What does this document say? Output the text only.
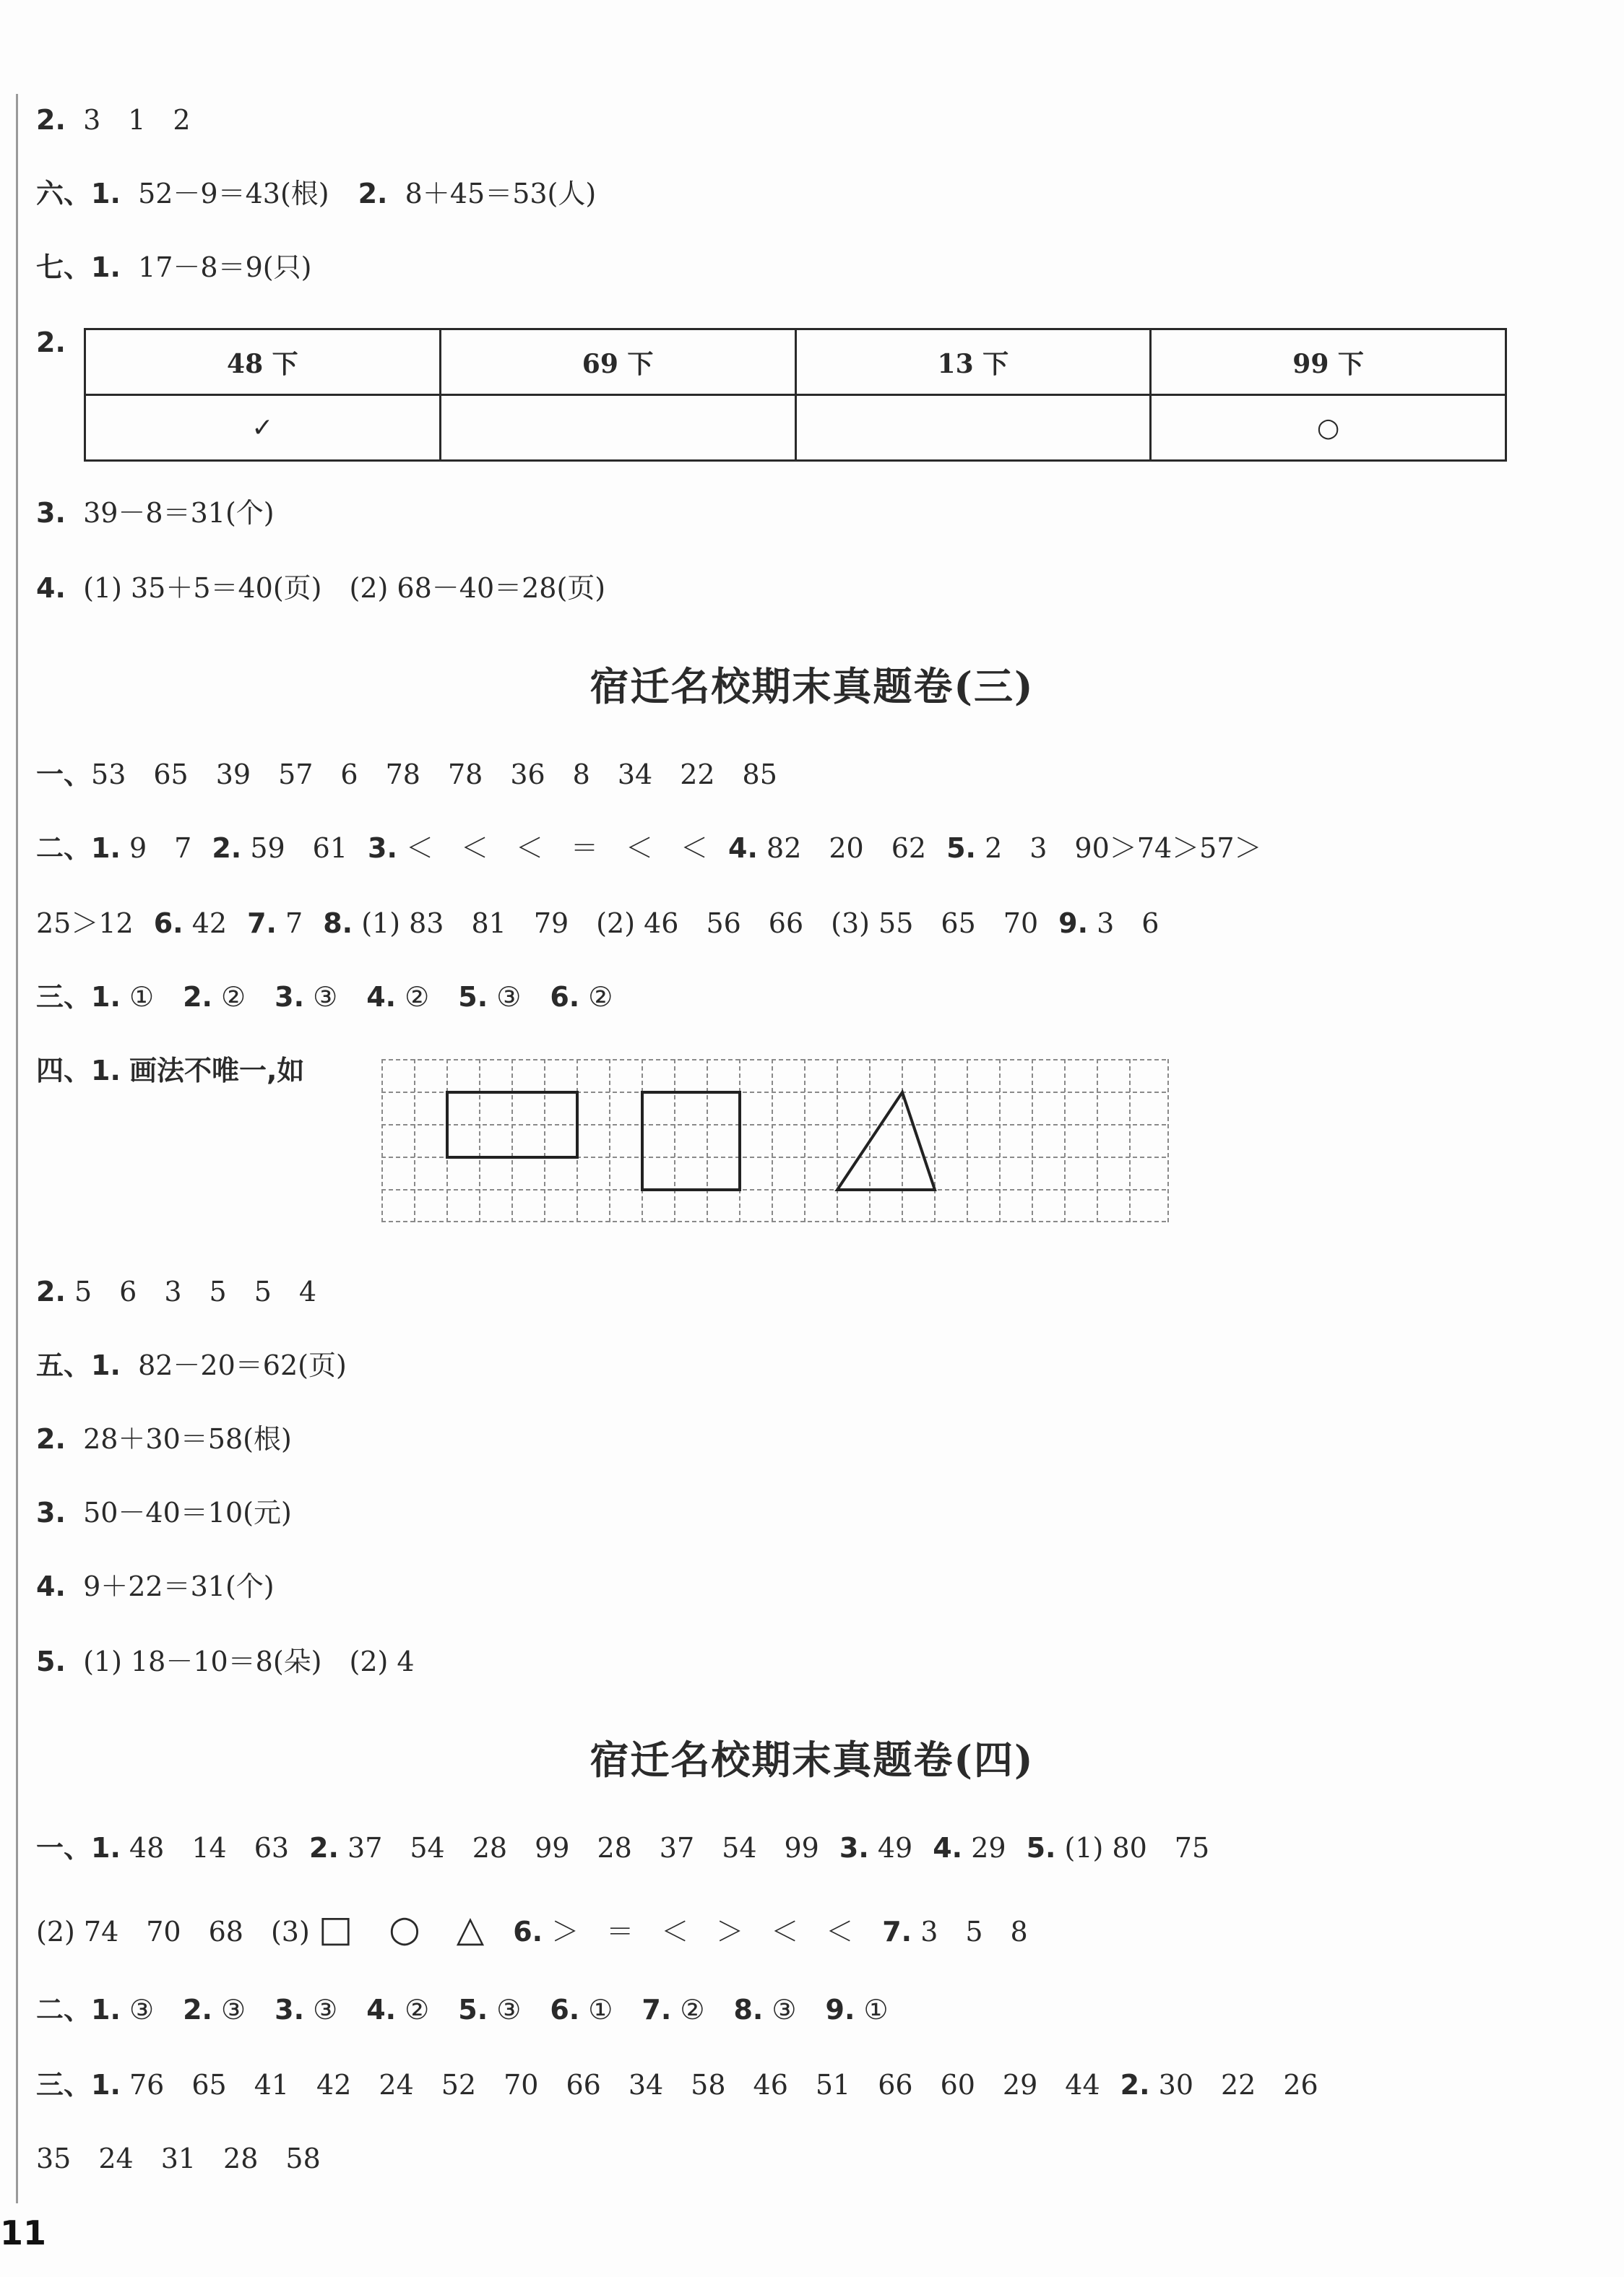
2. 3　1　2
六、1. 52－9＝43(根) 2. 8＋45＝53(人)
七、1. 17－8＝9(只)
2.
48 下	69 下	13 下	99 下
✓			○
3. 39－8＝31(个)
4. (1) 35＋5＝40(页)　(2) 68－40＝28(页)
宿迁名校期末真题卷(三)
一、53　65　39　57　6　78　78　36　8　34　22　85
二、1. 9　7 2. 59　61 3. ＜　＜　＜　＝　＜　＜ 4. 82　20　62 5. 2　3　90＞74＞57＞
25＞12 6. 42 7. 7 8. (1) 83　81　79　(2) 46　56　66　(3) 55　65　70 9. 3　6
三、1. ① 2. ② 3. ③ 4. ② 5. ③ 6. ②
四、1. 画法不唯一,如
2. 5　6　3　5　5　4
五、1. 82－20＝62(页)
2. 28＋30＝58(根)
3. 50－40＝10(元)
4. 9＋22＝31(个)
5. (1) 18－10＝8(朵)　(2) 4
宿迁名校期末真题卷(四)
一、1. 48　14　63 2. 37　54　28　99　28　37　54　99 3. 49 4. 29 5. (1) 80　75
(2) 74　70　68　(3) □　○　△ 6. ＞　＝　＜　＞　＜　＜ 7. 3　5　8
二、1. ③ 2. ③ 3. ③ 4. ② 5. ③ 6. ① 7. ② 8. ③ 9. ①
三、1. 76　65　41　42　24　52　70　66　34　58　46　51　66　60　29　44 2. 30　22　26
35　24　31　28　58
11
